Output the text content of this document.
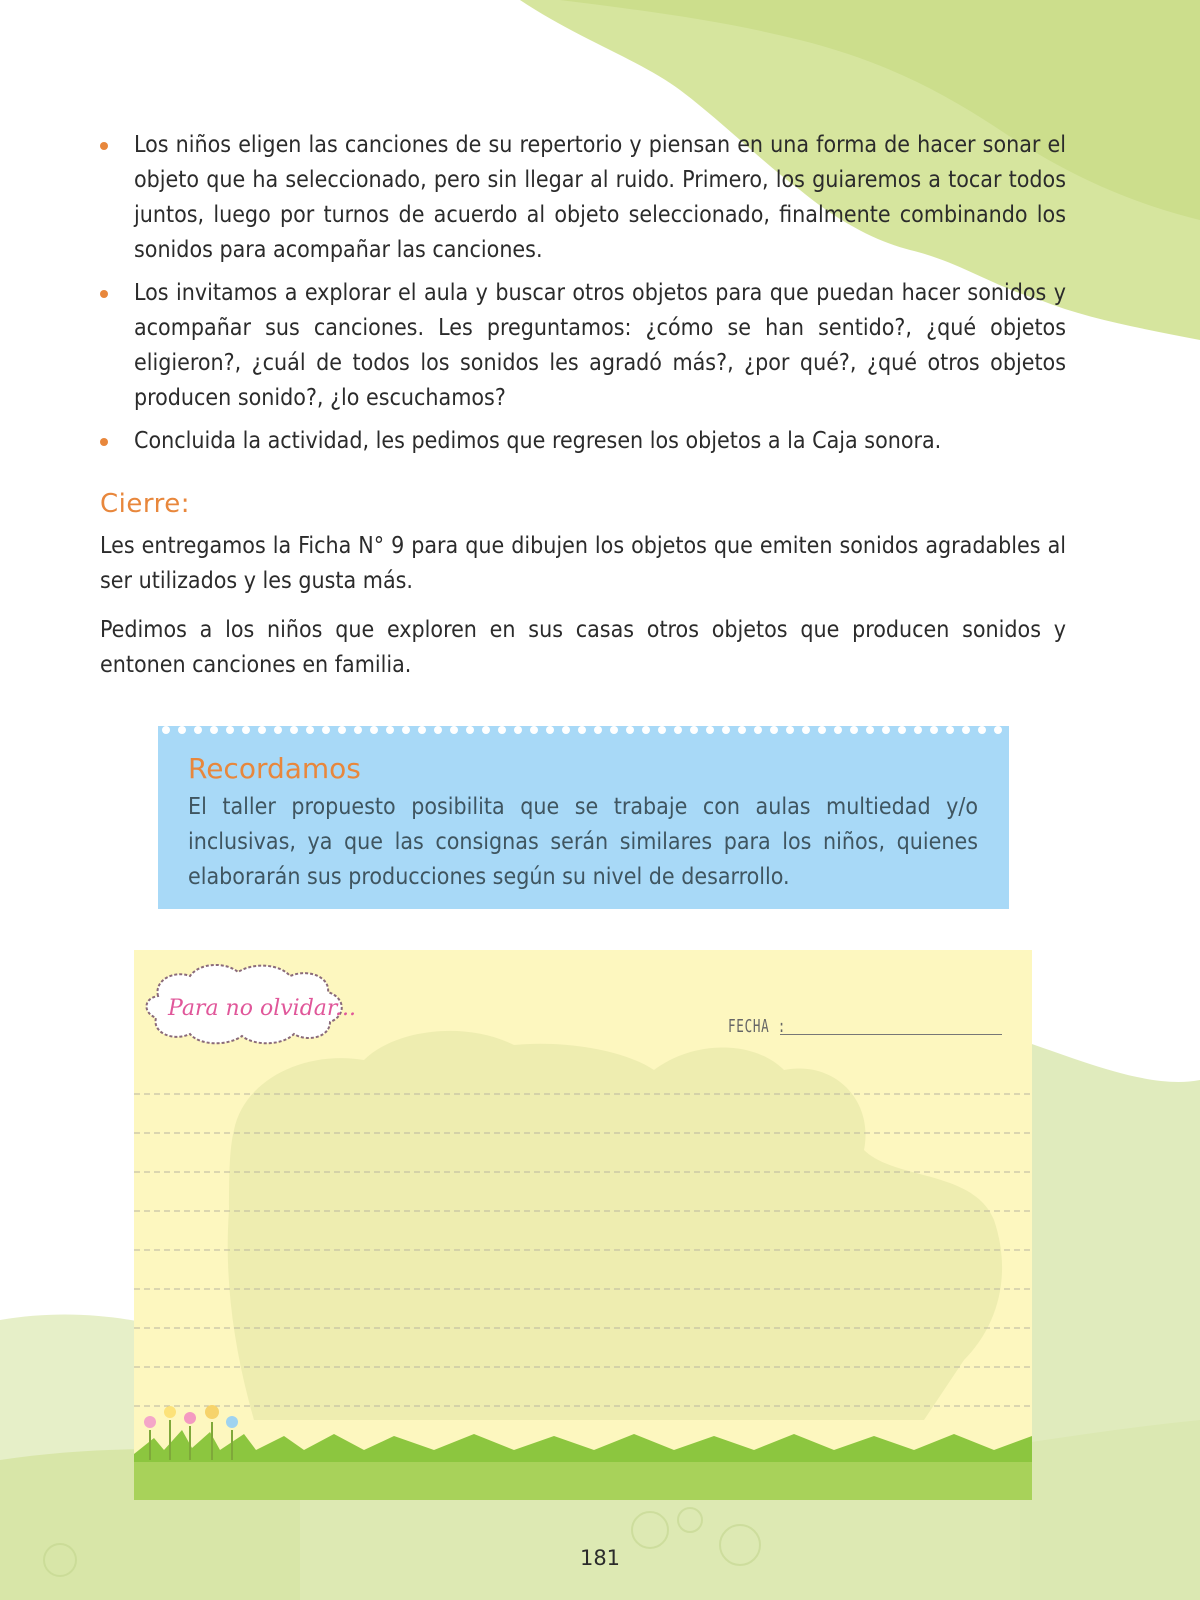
Los niños eligen las canciones de su repertorio y piensan en una forma de hacer sonar el objeto que ha seleccionado, pero sin llegar al ruido. Primero, los guiaremos a tocar todos juntos, luego por turnos de acuerdo al objeto seleccionado, finalmente combinando los sonidos para acompañar las canciones.
Los invitamos a explorar el aula y buscar otros objetos para que puedan hacer sonidos y acompañar sus canciones. Les preguntamos: ¿cómo se han sentido?, ¿qué objetos eligieron?, ¿cuál de todos los sonidos les agradó más?, ¿por qué?, ¿qué otros objetos producen sonido?, ¿lo escuchamos?
Concluida la actividad, les pedimos que regresen los objetos a la Caja sonora.
Cierre:

Les entregamos la Ficha N° 9 para que dibujen los objetos que emiten sonidos agradables al ser utilizados y les gusta más.

Pedimos a los niños que exploren en sus casas otros objetos que producen sonidos y entonen canciones en familia.

Recordamos
El taller propuesto posibilita que se trabaje con aulas multiedad y/o inclusivas, ya que las consignas serán similares para los niños, quienes elaborarán sus producciones según su nivel de desarrollo.
Para no olvidar...
FECHA :
181
